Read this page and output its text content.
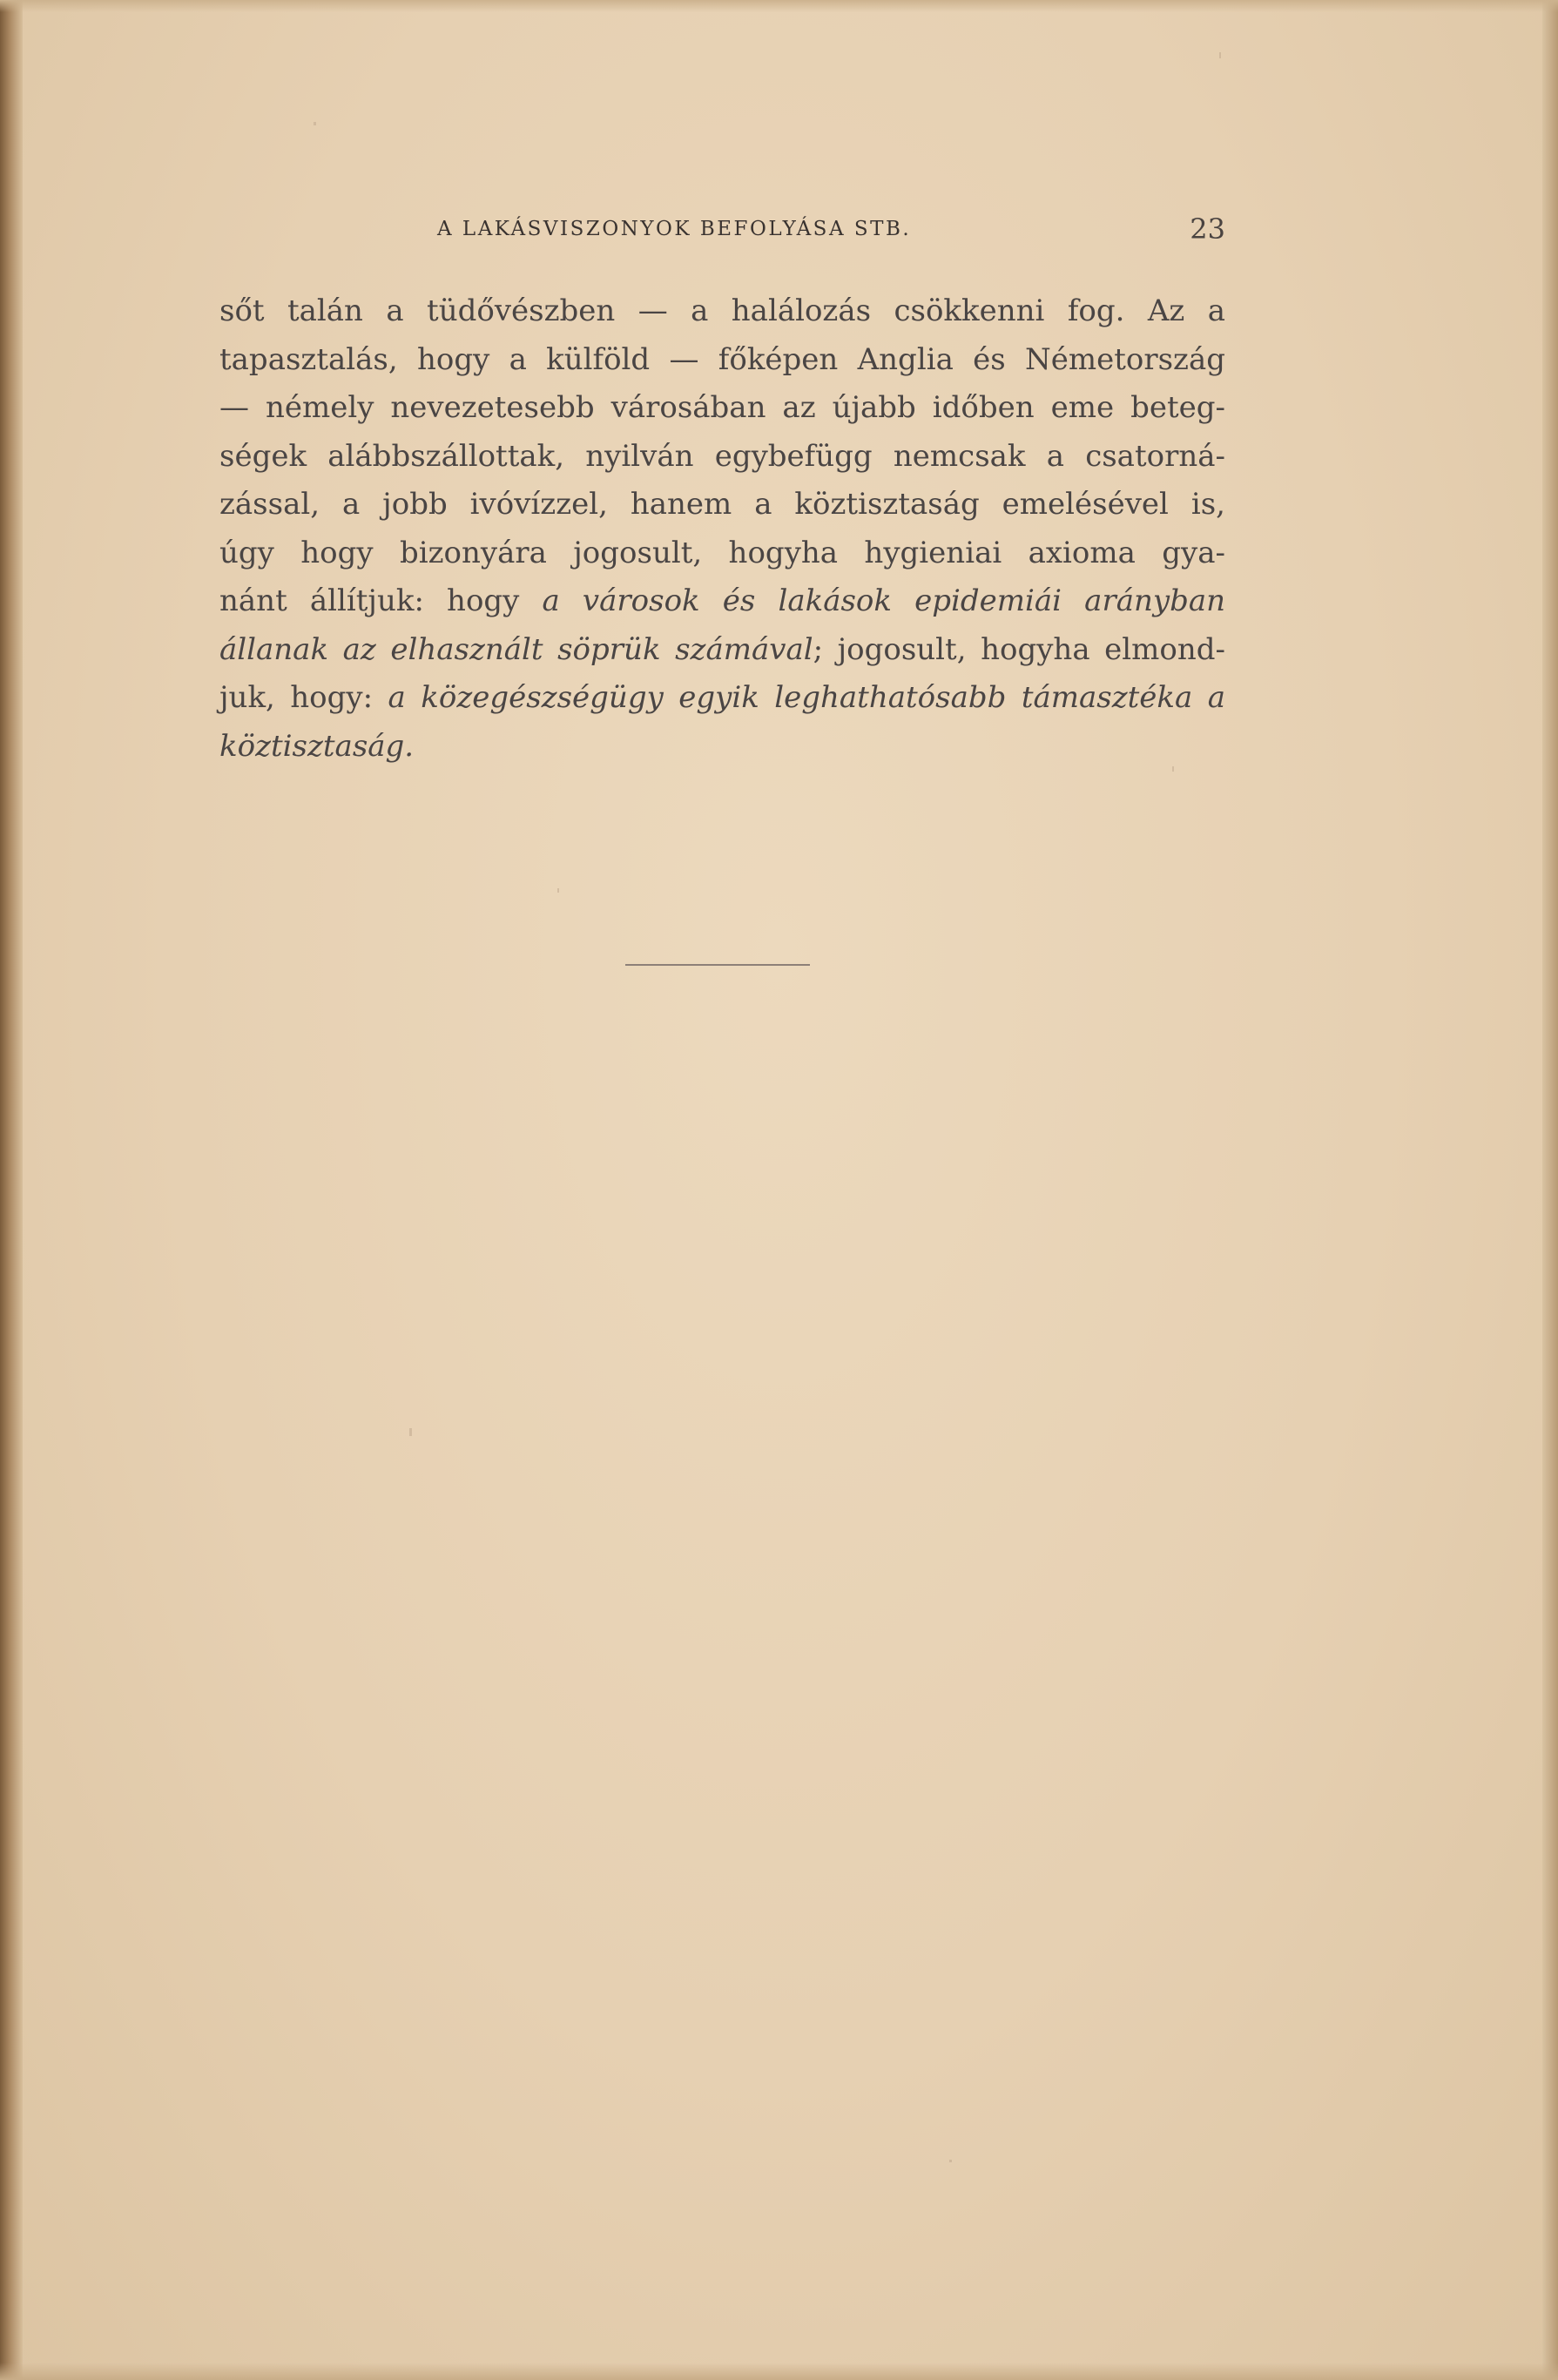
A LAKÁSVISZONYOK BEFOLYÁSA STB.	23
sőt talán a tüdővészben — a halálozás csökkenni fog. Az a
tapasztalás, hogy a külföld — főképen Anglia és Németország
— némely nevezetesebb városában az újabb időben eme beteg-
ségek alábbszállottak, nyilván egybefügg nemcsak a csatorná-
zással, a jobb ivóvízzel, hanem a köztisztaság emelésével is,
úgy hogy bizonyára jogosult, hogyha hygieniai axioma gya-
nánt állítjuk: hogy a városok és lakások epidemiái arányban
állanak az elhasznált söprük számával; jogosult, hogyha elmond-
juk, hogy: a közegészségügy egyik leghathatósabb támasztéka a
köztisztaság.
